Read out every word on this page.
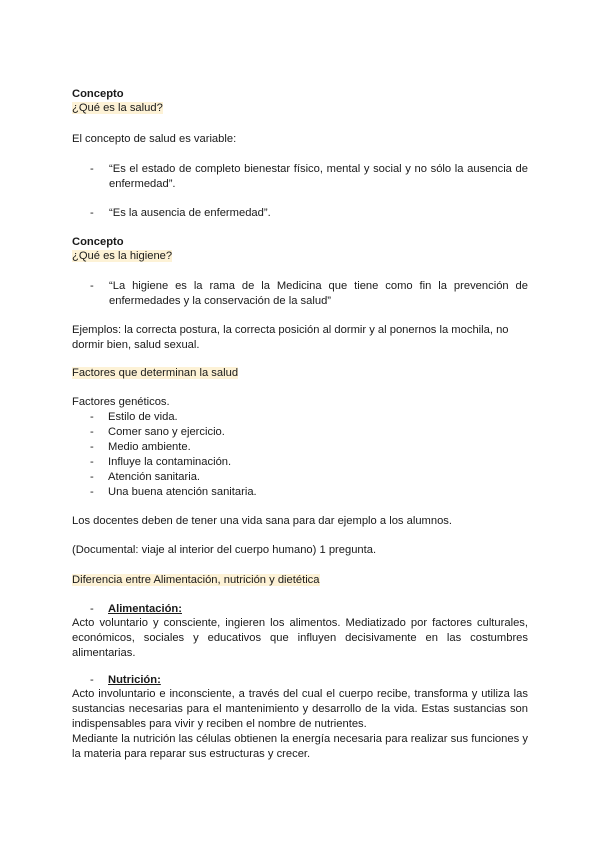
Concepto
¿Qué es la salud?
El concepto de salud es variable:
- “Es el estado de completo bienestar físico, mental y social y no sólo la ausencia de enfermedad”.
- “Es la ausencia de enfermedad”.
Concepto
¿Qué es la higiene?
- “La higiene es la rama de la Medicina que tiene como fin la prevención de enfermedades y la conservación de la salud”
Ejemplos: la correcta postura, la correcta posición al dormir y al ponernos la mochila, no dormir bien, salud sexual.
Factores que determinan la salud
Factores genéticos.
- Estilo de vida.
- Comer sano y ejercicio.
- Medio ambiente.
- Influye la contaminación.
- Atención sanitaria.
- Una buena atención sanitaria.
Los docentes deben de tener una vida sana para dar ejemplo a los alumnos.
(Documental: viaje al interior del cuerpo humano) 1 pregunta.
Diferencia entre Alimentación, nutrición y dietética
- Alimentación:
Acto voluntario y consciente, ingieren los alimentos. Mediatizado por factores culturales, económicos, sociales y educativos que influyen decisivamente en las costumbres alimentarias.
- Nutrición:
Acto involuntario e inconsciente, a través del cual el cuerpo recibe, transforma y utiliza las sustancias necesarias para el mantenimiento y desarrollo de la vida. Estas sustancias son indispensables para vivir y reciben el nombre de nutrientes.
Mediante la nutrición las células obtienen la energía necesaria para realizar sus funciones y la materia para reparar sus estructuras y crecer.
